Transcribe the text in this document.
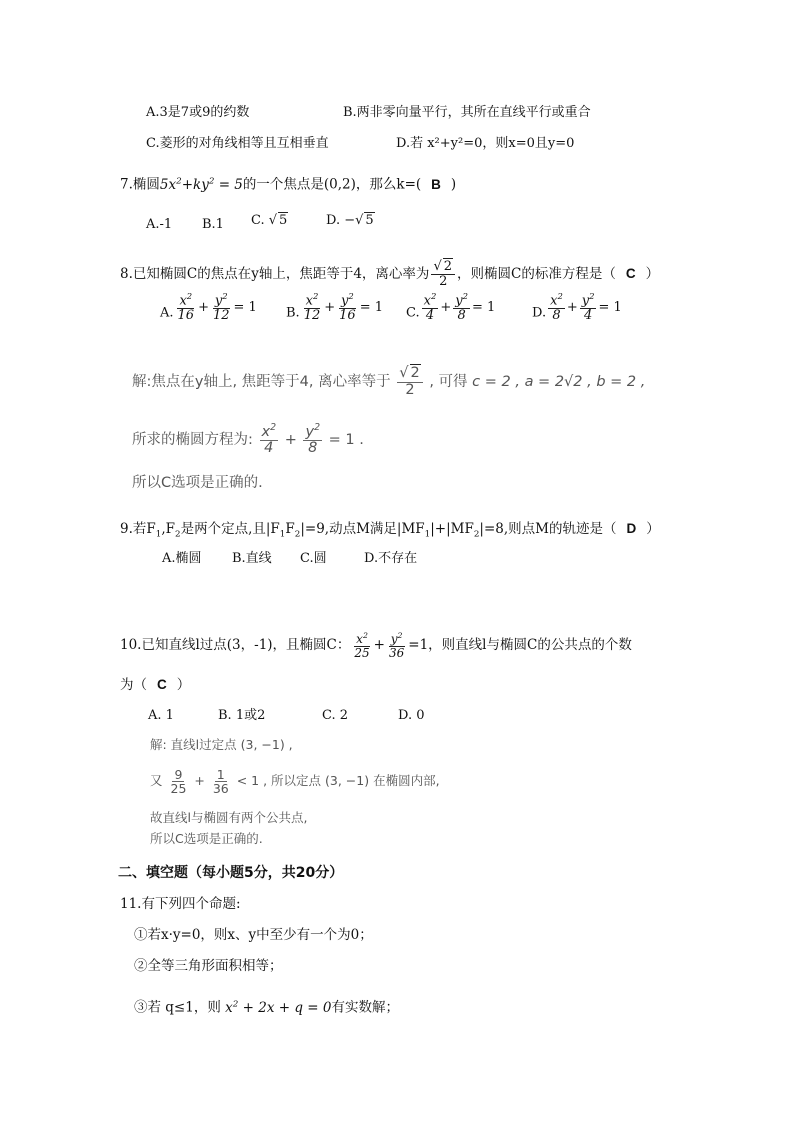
A.3是7或9的约数	B.两非零向量平行，其所在直线平行或重合
C.菱形的对角线相等且互相垂直	D.若 x²+y²=0，则x=0且y=0
7.椭圆$5x^2+ky^2 = 5$的一个焦点是(0,2)，那么k=( B )
A.-1 B.1 C. √ 5	D. −√ 5
8.已知椭圆C的焦点在y轴上，焦距等于4，离心率为 $\frac{√ 2}{2}$ ，则椭圆C的标准方程是（ C ）
A. $\frac{x^2}{16} + \frac{y^2}{12} = 1$ B. $\frac{x^2}{12} + \frac{y^2}{16} = 1$ C. $\frac{x^2}{4} + \frac{y^2}{8} = 1$	D. $\frac{x^2}{8} + \frac{y^2}{4} = 1$
解:焦点在y轴上, 焦距等于4, 离心率等于 $\frac{√ 2}{2}$ , 可得 c = 2 , a = 2√2 , b = 2 ,
所求的椭圆方程为: $\frac{x^2}{4} + \frac{y^2}{8} = 1$ .
所以C选项是正确的.
9.若$F_1,F_2$是两个定点,且$|F_1F_2|=9$,动点M满足$|MF_1|+|MF_2|=8$,则点M的轨迹是（ D ）
A.椭圆 B.直线 C.圆	D.不存在
10.已知直线l过点(3，-1)，且椭圆C： $\frac{x^2}{25} + \frac{y^2}{36} =1$，则直线l与椭圆C的公共点的个数
为（ C ）
A. 1	B. 1或2	C. 2	D. 0
解: 直线l过定点 (3, −1) ,
又 $\frac{9}{25} + \frac{1}{36} < 1$ , 所以定点 (3, −1) 在椭圆内部,
故直线l与椭圆有两个公共点,
所以C选项是正确的.
二、填空题（每小题5分，共20分）
11.有下列四个命题:
①若x·y=0，则x、y中至少有一个为0；
②全等三角形面积相等；
③若 q≤1，则 $x^2 + 2x + q = 0$有实数解；
